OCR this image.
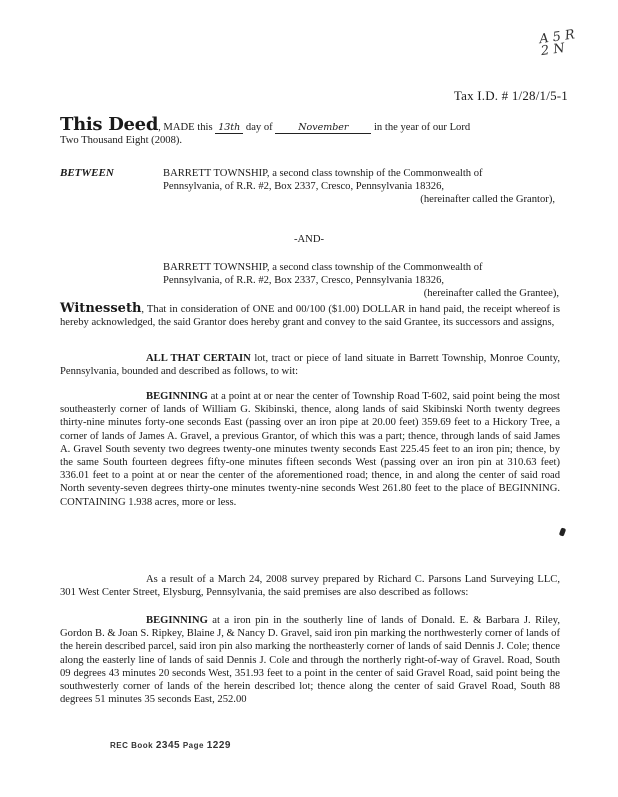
A 5 R
2 N
Tax I.D. # 1/28/1/5-1
This Deed, MADE this 13th day of	November in the year of our Lord
Two Thousand Eight (2008).
BETWEEN	BARRETT TOWNSHIP, a second class township of the Commonwealth of
Pennsylvania, of R.R. #2, Box 2337, Cresco, Pennsylvania 18326,
(hereinafter called the Grantor),
-AND-
BARRETT TOWNSHIP, a second class township of the Commonwealth of
Pennsylvania, of R.R. #2, Box 2337, Cresco, Pennsylvania 18326,
(hereinafter called the Grantee),
Witnesseth, That in consideration of ONE and 00/100 ($1.00) DOLLAR in hand paid, the receipt whereof is hereby acknowledged, the said Grantor does hereby grant and convey to the said Grantee, its successors and assigns,
ALL THAT CERTAIN lot, tract or piece of land situate in Barrett Township, Monroe County, Pennsylvania, bounded and described as follows, to wit:
BEGINNING at a point at or near the center of Township Road T-602, said point being the most southeasterly corner of lands of William G. Skibinski, thence, along lands of said Skibinski North twenty degrees thirty-nine minutes forty-one seconds East (passing over an iron pipe at 20.00 feet) 359.69 feet to a Hickory Tree, a corner of lands of James A. Gravel, a previous Grantor, of which this was a part; thence, through lands of said James A. Gravel South seventy two degrees twenty-one minutes twenty seconds East 225.45 feet to an iron pin; thence, by the same South fourteen degrees fifty-one minutes fifteen seconds West (passing over an iron pin at 310.63 feet) 336.01 feet to a point at or near the center of the aforementioned road; thence, in and along the center of said road North seventy-seven degrees thirty-one minutes twenty-nine seconds West 261.80 feet to the place of BEGINNING. CONTAINING 1.938 acres, more or less.
As a result of a March 24, 2008 survey prepared by Richard C. Parsons Land Surveying LLC, 301 West Center Street, Elysburg, Pennsylvania, the said premises are also described as follows:
BEGINNING at a iron pin in the southerly line of lands of Donald. E. & Barbara J. Riley, Gordon B. & Joan S. Ripkey, Blaine J, & Nancy D. Gravel, said iron pin marking the northwesterly corner of lands of the herein described parcel, said iron pin also marking the northeasterly corner of lands of said Dennis J. Cole; thence along the easterly line of lands of said Dennis J. Cole and through the northerly right-of-way of Gravel. Road, South 09 degrees 43 minutes 20 seconds West, 351.93 feet to a point in the center of said Gravel Road, said point being the southwesterly corner of lands of the herein described lot; thence along the center of said Gravel Road, South 88 degrees 51 minutes 35 seconds East, 252.00
REC Book 2345 Page 1229
